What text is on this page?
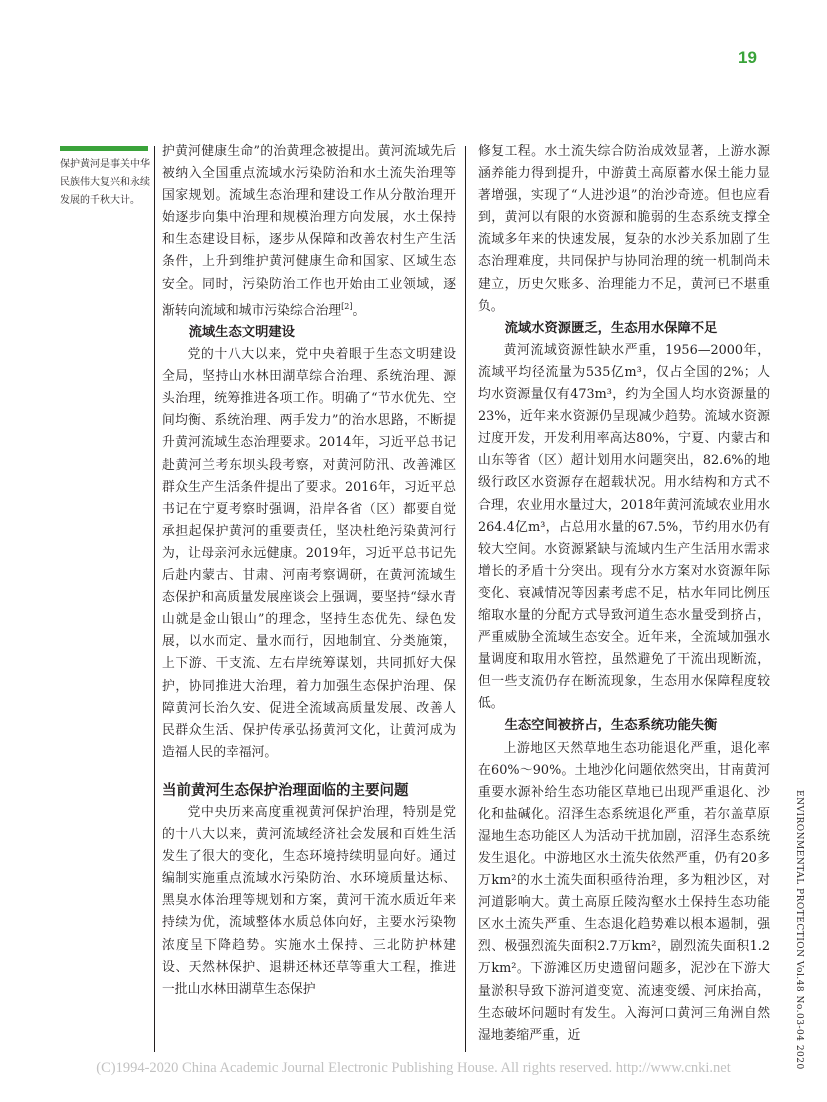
19
保护黄河是事关中华民族伟大复兴和永续发展的千秋大计。

护黄河健康生命”的治黄理念被提出。黄河流域先后被纳入全国重点流域水污染防治和水土流失治理等国家规划。流域生态治理和建设工作从分散治理开始逐步向集中治理和规模治理方向发展，水土保持和生态建设目标，逐步从保障和改善农村生产生活条件，上升到维护黄河健康生命和国家、区域生态安全。同时，污染防治工作也开始由工业领域，逐渐转向流域和城市污染综合治理[2]。

流域生态文明建设

党的十八大以来，党中央着眼于生态文明建设全局，坚持山水林田湖草综合治理、系统治理、源头治理，统筹推进各项工作。明确了“节水优先、空间均衡、系统治理、两手发力”的治水思路，不断提升黄河流域生态治理要求。2014年，习近平总书记赴黄河兰考东坝头段考察，对黄河防汛、改善滩区群众生产生活条件提出了要求。2016年，习近平总书记在宁夏考察时强调，沿岸各省（区）都要自觉承担起保护黄河的重要责任，坚决杜绝污染黄河行为，让母亲河永远健康。2019年，习近平总书记先后赴内蒙古、甘肃、河南考察调研，在黄河流域生态保护和高质量发展座谈会上强调，要坚持“绿水青山就是金山银山”的理念，坚持生态优先、绿色发展，以水而定、量水而行，因地制宜、分类施策，上下游、干支流、左右岸统筹谋划，共同抓好大保护，协同推进大治理，着力加强生态保护治理、保障黄河长治久安、促进全流域高质量发展、改善人民群众生活、保护传承弘扬黄河文化，让黄河成为造福人民的幸福河。

当前黄河生态保护治理面临的主要问题

党中央历来高度重视黄河保护治理，特别是党的十八大以来，黄河流域经济社会发展和百姓生活发生了很大的变化，生态环境持续明显向好。通过编制实施重点流域水污染防治、水环境质量达标、黑臭水体治理等规划和方案，黄河干流水质近年来持续为优，流域整体水质总体向好，主要水污染物浓度呈下降趋势。实施水土保持、三北防护林建设、天然林保护、退耕还林还草等重大工程，推进一批山水林田湖草生态保护

修复工程。水土流失综合防治成效显著，上游水源涵养能力得到提升，中游黄土高原蓄水保土能力显著增强，实现了“人进沙退”的治沙奇迹。但也应看到，黄河以有限的水资源和脆弱的生态系统支撑全流域多年来的快速发展，复杂的水沙关系加剧了生态治理难度，共同保护与协同治理的统一机制尚未建立，历史欠账多、治理能力不足，黄河已不堪重负。

流域水资源匮乏，生态用水保障不足

黄河流域资源性缺水严重，1956—2000年，流域平均径流量为535亿m³，仅占全国的2%；人均水资源量仅有473m³，约为全国人均水资源量的23%，近年来水资源仍呈现减少趋势。流域水资源过度开发，开发利用率高达80%，宁夏、内蒙古和山东等省（区）超计划用水问题突出，82.6%的地级行政区水资源存在超载状况。用水结构和方式不合理，农业用水量过大，2018年黄河流域农业用水264.4亿m³，占总用水量的67.5%，节约用水仍有较大空间。水资源紧缺与流域内生产生活用水需求增长的矛盾十分突出。现有分水方案对水资源年际变化、衰减情况等因素考虑不足，枯水年同比例压缩取水量的分配方式导致河道生态水量受到挤占，严重威胁全流域生态安全。近年来，全流域加强水量调度和取用水管控，虽然避免了干流出现断流，但一些支流仍存在断流现象，生态用水保障程度较低。

生态空间被挤占，生态系统功能失衡

上游地区天然草地生态功能退化严重，退化率在60%～90%。土地沙化问题依然突出，甘南黄河重要水源补给生态功能区草地已出现严重退化、沙化和盐碱化。沼泽生态系统退化严重，若尔盖草原湿地生态功能区人为活动干扰加剧，沼泽生态系统发生退化。中游地区水土流失依然严重，仍有20多万km²的水土流失面积亟待治理，多为粗沙区，对河道影响大。黄土高原丘陵沟壑水土保持生态功能区水土流失严重、生态退化趋势难以根本遏制，强烈、极强烈流失面积2.7万km²，剧烈流失面积1.2万km²。下游滩区历史遗留问题多，泥沙在下游大量淤积导致下游河道变宽、流速变缓、河床抬高，生态破坏问题时有发生。入海河口黄河三角洲自然湿地萎缩严重，近	ENVIRONMENTAL PROTECTION Vol.48 No.03-04 2020
(C)1994-2020 China Academic Journal Electronic Publishing House. All rights reserved. http://www.cnki.net
